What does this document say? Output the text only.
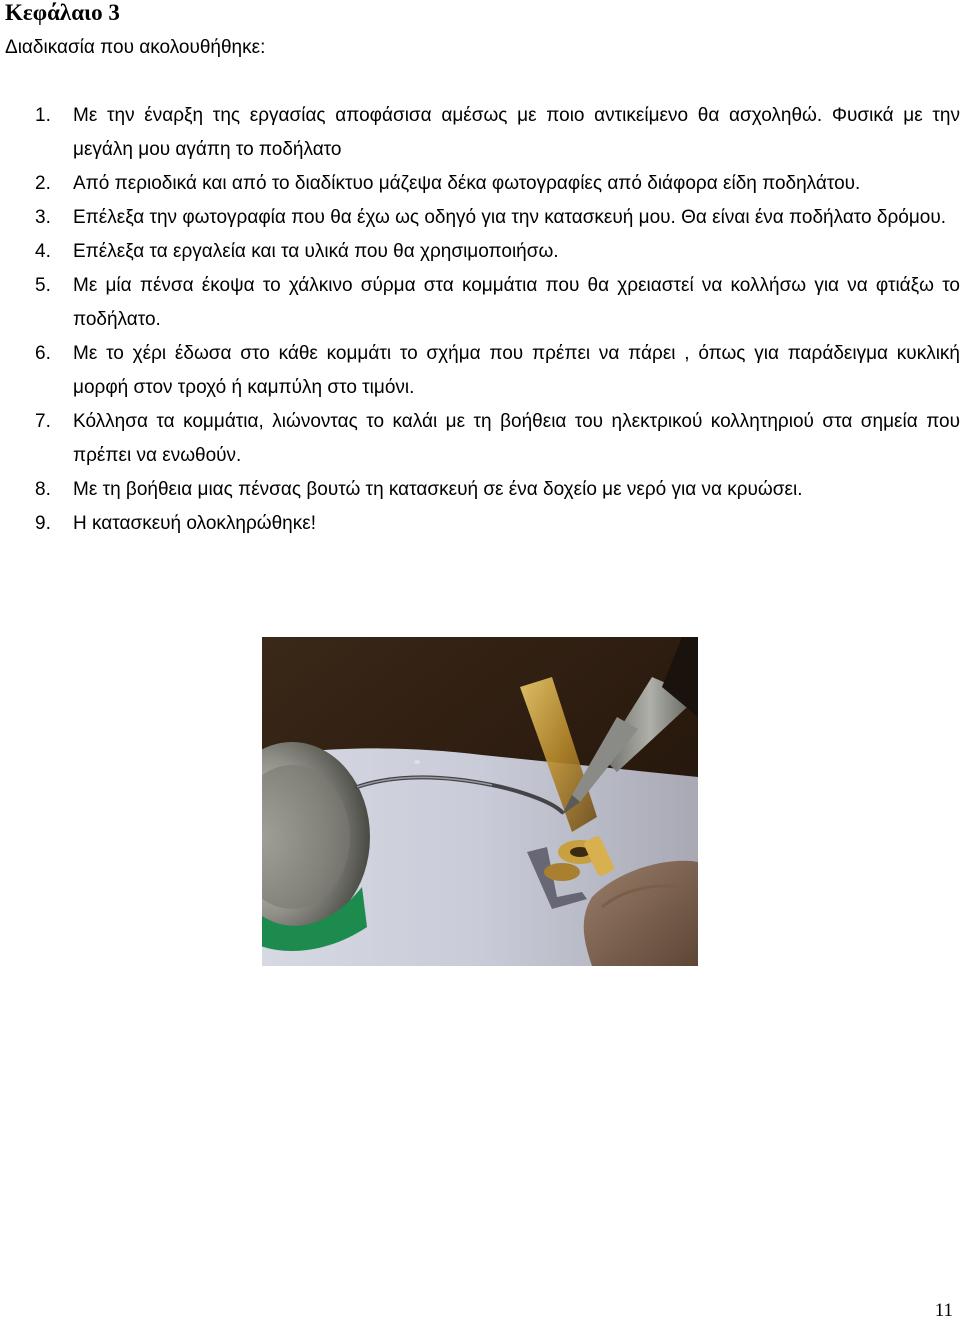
Κεφάλαιο 3
Διαδικασία που ακολουθήθηκε:
1. Με την έναρξη της εργασίας αποφάσισα αμέσως με ποιο αντικείμενο θα ασχοληθώ. Φυσικά με την μεγάλη μου αγάπη το ποδήλατο
2. Από περιοδικά και από το διαδίκτυο μάζεψα δέκα φωτογραφίες από διάφορα είδη ποδηλάτου.
3. Επέλεξα την φωτογραφία που θα έχω ως οδηγό για την κατασκευή μου. Θα είναι ένα ποδήλατο δρόμου.
4. Επέλεξα τα εργαλεία και τα υλικά που θα χρησιμοποιήσω.
5. Με μία πένσα έκοψα το χάλκινο σύρμα στα κομμάτια που θα χρειαστεί να κολλήσω για να φτιάξω το ποδήλατο.
6. Με το χέρι έδωσα στο κάθε κομμάτι το σχήμα που πρέπει να πάρει , όπως για παράδειγμα κυκλική μορφή στον τροχό ή καμπύλη στο τιμόνι.
7. Κόλλησα τα κομμάτια, λιώνοντας το καλάι με τη βοήθεια του ηλεκτρικού κολλητηριού στα σημεία που πρέπει να ενωθούν.
8. Με τη βοήθεια μιας πένσας βουτώ τη κατασκευή σε ένα δοχείο με νερό για να κρυώσει.
9. Η κατασκευή ολοκληρώθηκε!
11
